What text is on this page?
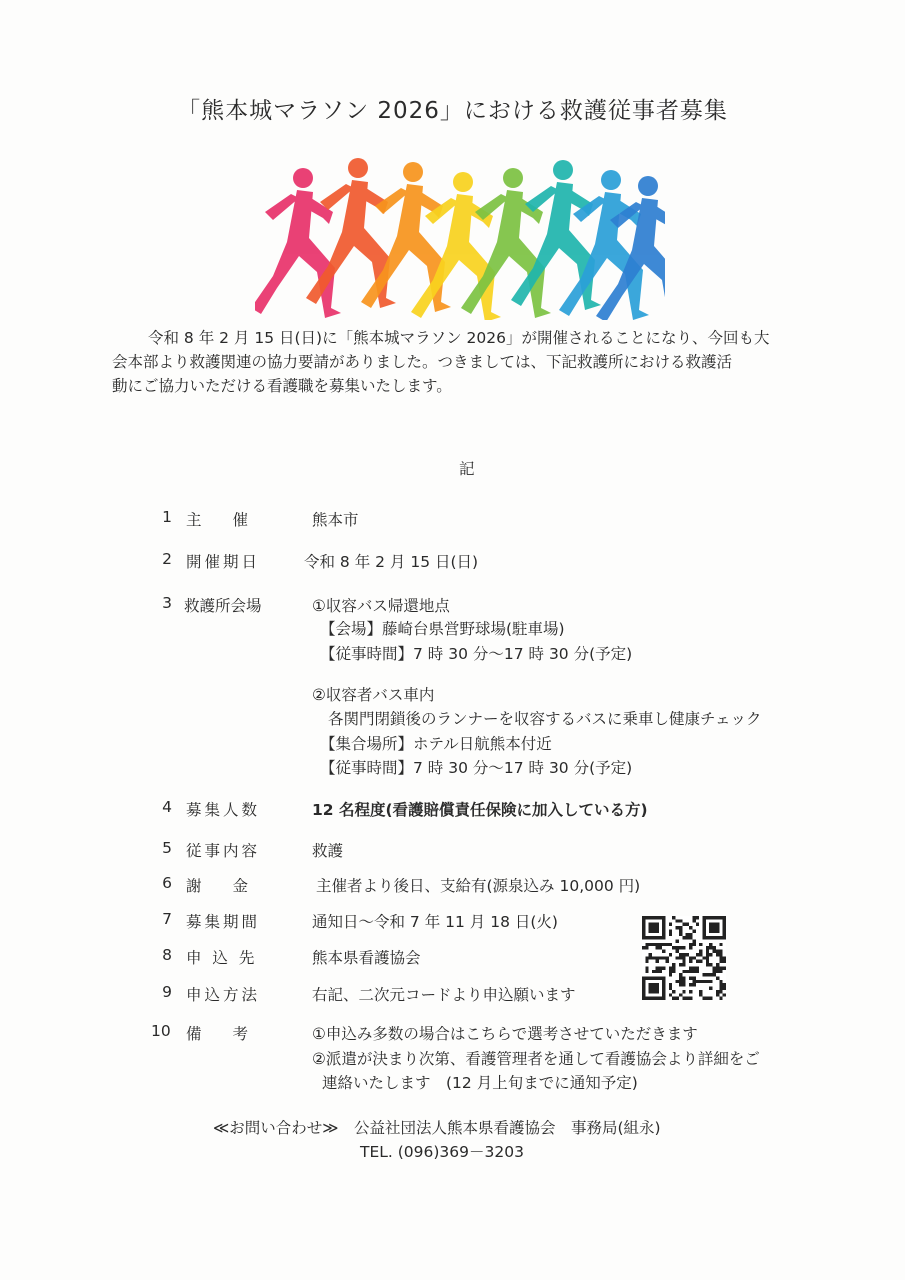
「熊本城マラソン 2026」における救護従事者募集
令和 8 年 2 月 15 日(日)に「熊本城マラソン 2026」が開催されることになり、今回も大
会本部より救護関連の協力要請がありました。つきましては、下記救護所における救護活
動にご協力いただける看護職を募集いたします。
記
1 主　　催	熊本市
2 開催期日	令和 8 年 2 月 15 日(日)
3 救護所会場	①収容バス帰還地点
【会場】藤崎台県営野球場(駐車場)
【従事時間】7 時 30 分～17 時 30 分(予定)
②収容者バス車内
各関門閉鎖後のランナーを収容するバスに乗車し健康チェック
【集合場所】ホテル日航熊本付近
【従事時間】7 時 30 分～17 時 30 分(予定)
4 募集人数	12 名程度(看護賠償責任保険に加入している方)
5 従事内容	救護
6 謝　　金	主催者より後日、支給有(源泉込み 10,000 円)
7 募集期間	通知日～令和 7 年 11 月 18 日(火)
8 申 込 先	熊本県看護協会
9 申込方法	右記、二次元コードより申込願います
10 備　　考	①申込み多数の場合はこちらで選考させていただきます
②派遣が決まり次第、看護管理者を通して看護協会より詳細をご
連絡いたします　(12 月上旬までに通知予定)
≪お問い合わせ≫　公益社団法人熊本県看護協会　事務局(組永)
TEL. (096)369－3203
